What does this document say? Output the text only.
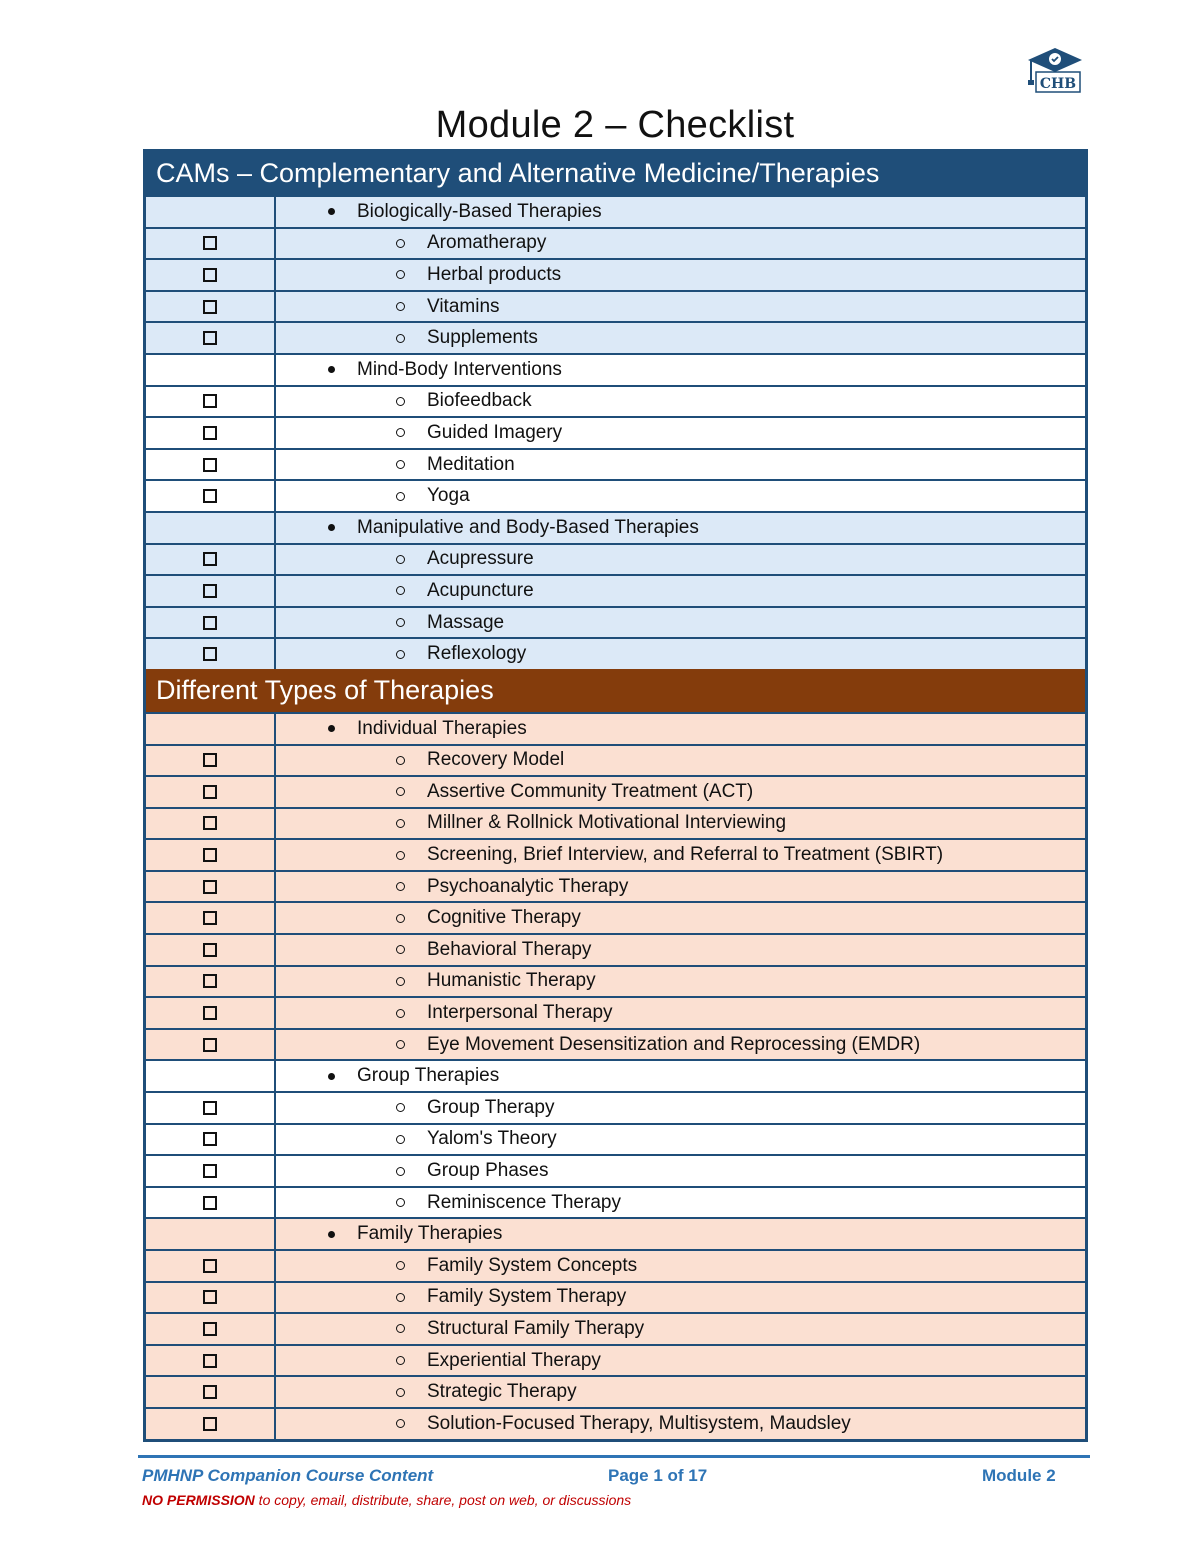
CHB
Module 2 – Checklist
CAMs – Complementary and Alternative Medicine/Therapies
Biologically-Based Therapies
Aromatherapy
Herbal products
Vitamins
Supplements
Mind-Body Interventions
Biofeedback
Guided Imagery
Meditation
Yoga
Manipulative and Body-Based Therapies
Acupressure
Acupuncture
Massage
Reflexology
Different Types of Therapies
Individual Therapies
Recovery Model
Assertive Community Treatment (ACT)
Millner & Rollnick Motivational Interviewing
Screening, Brief Interview, and Referral to Treatment (SBIRT)
Psychoanalytic Therapy
Cognitive Therapy
Behavioral Therapy
Humanistic Therapy
Interpersonal Therapy
Eye Movement Desensitization and Reprocessing (EMDR)
Group Therapies
Group Therapy
Yalom's Theory
Group Phases
Reminiscence Therapy
Family Therapies
Family System Concepts
Family System Therapy
Structural Family Therapy
Experiential Therapy
Strategic Therapy
Solution-Focused Therapy, Multisystem, Maudsley
PMHNP Companion Course Content	Page 1 of 17	Module 2
NO PERMISSION to copy, email, distribute, share, post on web, or discussions
